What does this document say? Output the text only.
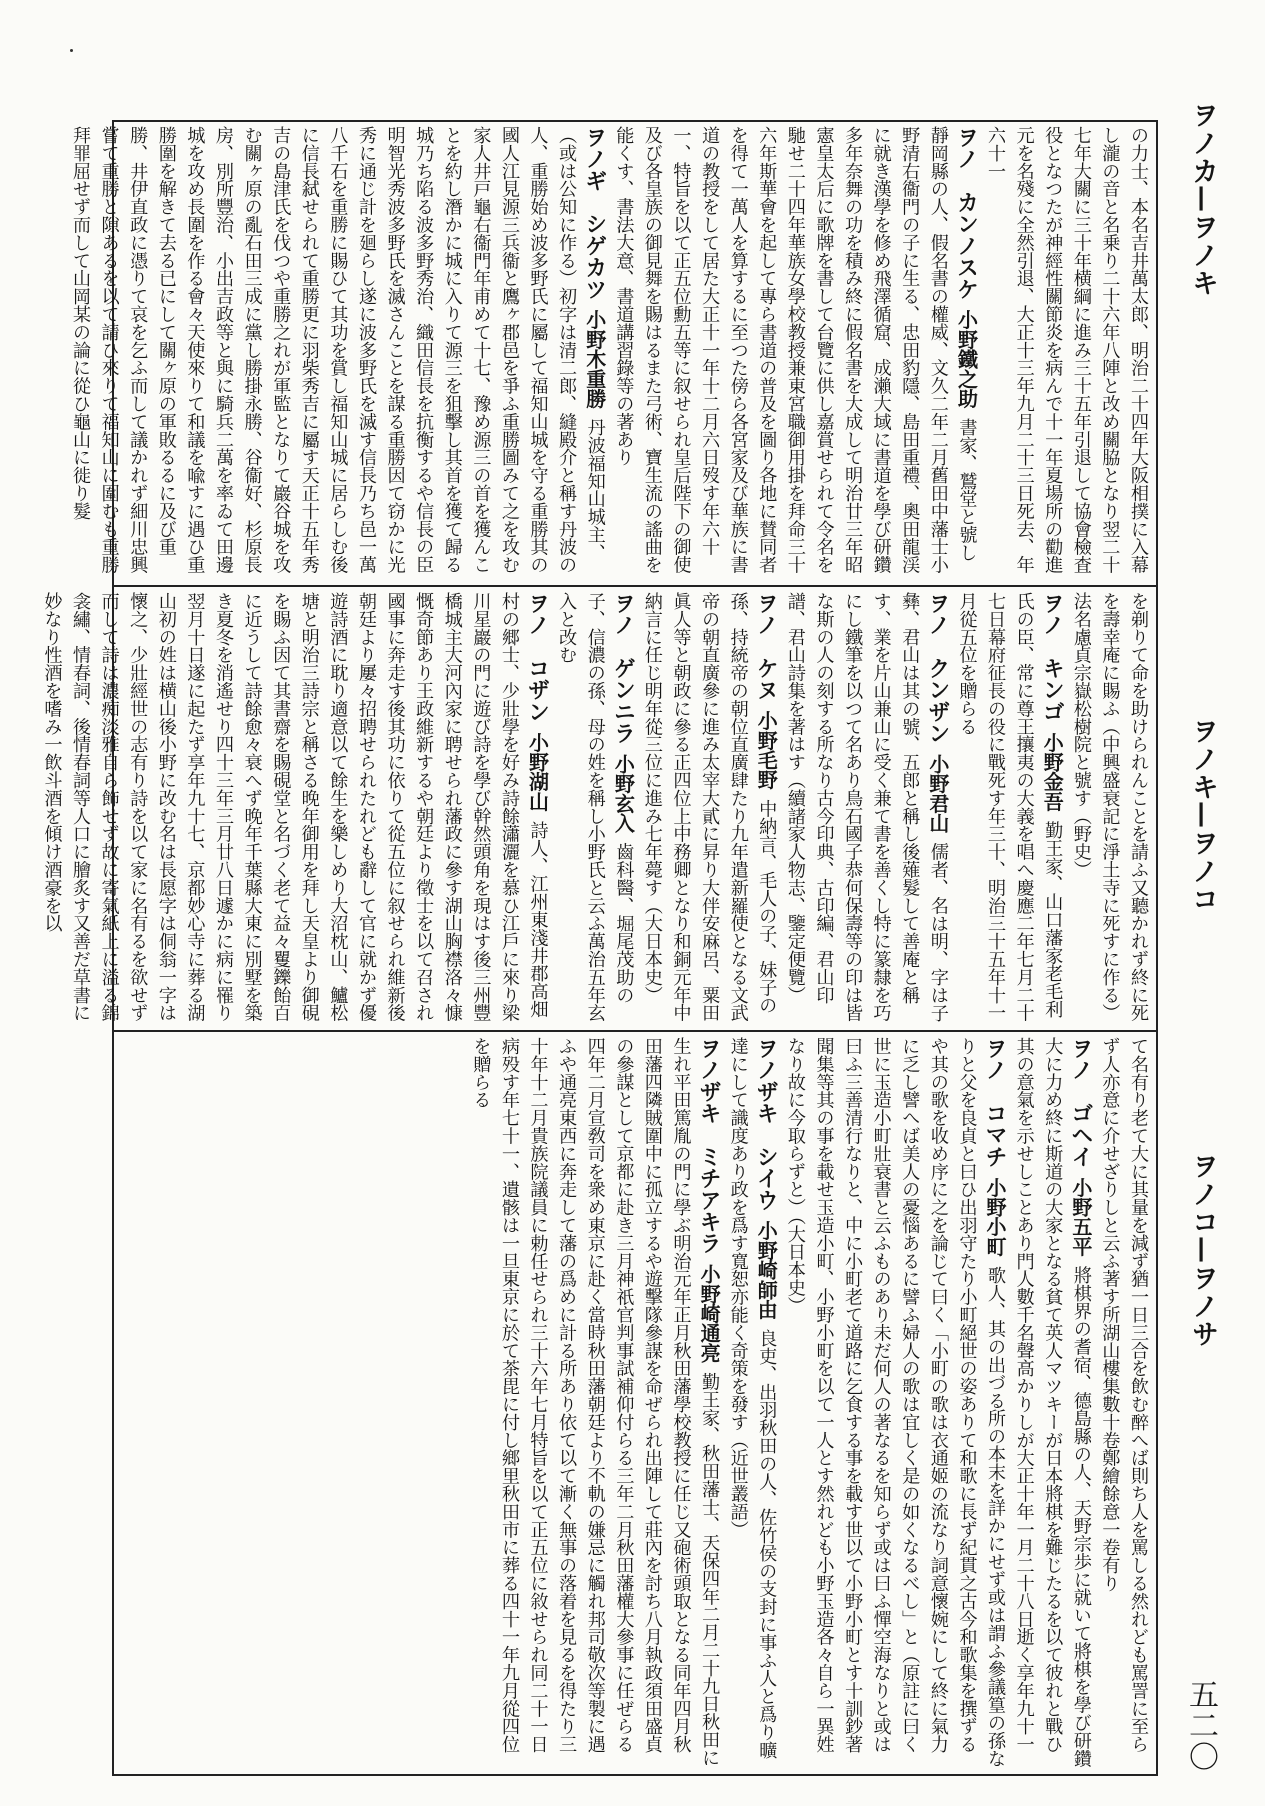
ヲノカ—ヲノキ
ヲノキ—ヲノコ
ヲノコ—ヲノサ
五二〇

の力士、本名吉井萬太郎、明治二十四年大阪相撲に入幕し瀧の音と名乗り二十六年八陣と改め關脇となり翌二十七年大關に三十年横綱に進み三十五年引退して協會檢査役となつたが神經性關節炎を病んで十一年夏場所の勸進元を名殘に全然引退、大正十三年九月二十三日死去、年六十一

ヲノ　カンノスケ小野鐵之助書家、鷲堂と號し靜岡縣の人、假名書の權威、文久二年二月舊田中藩士小野清右衞門の子に生る、忠田豹隱、島田重禮、奧田龍渓に就き漢學を修め飛澤循窟、成瀨大域に書道を學び研鑽多年奈舞の功を積み終に假名書を大成して明治廿三年昭憲皇太后に歌牌を書して台覽に供し嘉賞せられて令名を馳せ二十四年華族女學校教授兼東宮職御用掛を拜命三十六年斯華會を起して專ら書道の普及を圖り各地に賛同者を得て一萬人を算するに至つた傍ら各宮家及び華族に書道の教授をして居た大正十一年十二月六日歿す年六十一、特旨を以て正五位勳五等に叙せられ皇后陛下の御使及び各皇族の御見舞を賜はるまた弓術、寶生流の謠曲を能くす、書法大意、書道講習錄等の著あり

ヲノギ　シゲカツ小野木重勝丹波福知山城主、（或は公知に作る）初字は清二郎、縫殿介と稱す丹波の人、重勝始め波多野氏に屬して福知山城を守る重勝其の國人江見源三兵衞と鷹ヶ郡邑を爭ふ重勝圖みて之を攻む家人井戸龜右衞門年甫めて十七、豫め源三の首を獲んことを約し潛かに城に入りて源三を狙擊し其首を獲て歸る城乃ち陷る波多野秀治、織田信長を抗衡するや信長の臣明智光秀波多野氏を滅さんことを謀る重勝因て窃かに光秀に通じ計を廻らし遂に波多野氏を滅す信長乃ち邑一萬八千石を重勝に賜ひて其功を賞し福知山城に居らしむ後に信長弑せられて重勝更に羽柴秀吉に屬す天正十五年秀吉の島津氏を伐つや重勝之れが軍監となりて巖谷城を攻む關ヶ原の亂石田三成に黨し勝掛永勝、谷衞好、杉原長房、別所豐治、小出吉政等と與に騎兵二萬を率ゐて田邊城を攻め長圍を作る會々天使來りて和議を喩すに遇ひ重勝圍を解きて去る已にして關ヶ原の軍敗るるに及び重勝、井伊直政に憑りて哀を乞ふ而して議かれず細川忠興嘗て重勝と隙あるを以て請ひ來りて福知山に圍むも重勝拜罪屈せず而して山岡某の論に從ひ龜山に徙り髮

を剃りて命を助けられんことを請ふ又聽かれず終に死を壽幸庵に賜ふ（中興盛衰記に淨土寺に死すに作る）法名慮貞宗嶽松樹院と號す（野史）

ヲノ　キンゴ小野金吾勤王家、山口藩家老毛利氏の臣、常に尊王攘夷の大義を唱へ慶應二年七月二十七日幕府征長の役に戰死す年三十、明治三十五年十一月從五位を贈らる

ヲノ　クンザン小野君山儒者、名は明、字は子彝、君山は其の號、五郎と稱し後薙髮して善庵と稱す、業を片山兼山に受く兼て書を善くし特に篆隸を巧にし鐵筆を以つて名あり鳥石國子恭何保壽等の印は皆な斯の人の刻する所なり古今印典、古印編、君山印譜、君山詩集を著はす（續諸家人物志、鑒定便覽）

ヲノ　ケヌ小野毛野中納言、毛人の子、妹子の孫、持統帝の朝位直廣肆たり九年遣新羅使となる文武帝の朝直廣參に進み太宰大貳に昇り大伴安麻呂、粟田眞人等と朝政に參る正四位上中務卿となり和銅元年中納言に任じ明年從三位に進み七年薨す（大日本史）

ヲノ　ゲンニラ小野玄入齒科醫、堀尾茂助の子、信濃の孫、母の姓を稱し小野氏と云ふ萬治五年玄入と改む

ヲノ　コザン小野湖山詩人、江州東淺井郡高畑村の郷士、少壯學を好み詩餘瀟灑を慕ひ江戶に來り梁川星巖の門に遊び詩を學び幹然頭角を現はす後三州豐橋城主大河內家に聘せられ藩政に參す湖山胸襟洛々慷慨奇節あり王政維新するや朝廷より徵士を以て召され國事に奔走す後其功に依りて從五位に叙せられ維新後朝廷より屢々招聘せられたれども辭して官に就かず優遊詩酒に耽り適意以て餘生を樂しめり大沼枕山、鱸松塘と明治三詩宗と稱さる晚年御用を拜し天皇より御硯を賜ふ因て其書齋を賜硯堂と名づく老て益々矍鑠飴百に近うして詩餘愈々衰へず晚年千葉縣大東に別墅を築き夏冬を消遙せり四十三年三月廿八日遽かに病に罹り翌月十日遂に起たず享年九十七、京都妙心寺に葬る湖山初の姓は横山後小野に改む名は長愿字は侗翁一字は懷之、少壯經世の志有り詩を以て家に名有るを欲せず而して詩は濃痴淡雅自ら飾せず故に寄氣紙上に溢る錦衾繡、情春詞、後情春詞等人口に膾炙す又善だ草書に妙なり性酒を嗜み一飲斗酒を傾け酒豪を以

て名有り老て大に其量を減ず猶一日三合を飲む醉へば則ち人を罵しる然れども罵詈に至らず人亦意に介せざりしと云ふ著す所湖山樓集數十卷鄭繪餘意一卷有り

ヲノ　ゴヘイ小野五平將棋界の耆宿、德島縣の人、天野宗歩に就いて將棋を學び研鑽大に力め終に斯道の大家となる貧て英人マツキーが日本將棋を難じたるを以て彼れと戰ひ其の意氣を示せしことあり門人數千名聲高かりしが大正十年一月二十八日逝く享年九十一

ヲノ　コマチ小野小町歌人、其の出づる所の本末を詳かにせず或は謂ふ參議篁の孫なりと父を良貞と曰ひ出羽守たり小町絕世の姿ありて和歌に長ず紀貫之古今和歌集を撰ずるや其の歌を收め序に之を論じて曰く「小町の歌は衣通姬の流なり詞意懷婉にして終に氣力に乏し譬へば美人の憂惱あるに譬ふ婦人の歌は宜しく是の如くなるべし」と（原註に曰く世に玉造小町壯衰書と云ふものあり未だ何人の著なるを知らず或は曰ふ憚空海なりと或は曰ふ三善清行なりと、中に小町老て道路に乞食する事を載す世以て小野小町とす十訓鈔著聞集等其の事を載せ玉造小町、小野小町を以て一人とす然れども小野玉造各々自ら一異姓なり故に今取らずと）（大日本史）

ヲノザキ　シイウ小野崎師由良吏、出羽秋田の人、佐竹侯の支封に事ふ人と爲り曠達にして識度あり政を爲す寬恕亦能く奇策を發す（近世叢語）

ヲノザキ　ミチアキラ小野崎通亮勤王家、秋田藩士、天保四年二月二十九日秋田に生れ平田篤胤の門に學ぶ明治元年正月秋田藩學校教授に任じ又砲術頭取となる同年四月秋田藩四隣賊圍中に孤立するや遊擊隊參謀を命ぜられ出陣して莊內を討ち八月執政須田盛貞の參謀として京都に赴き三月神祇官判事試補仰付らる三年二月秋田藩權大參事に任ぜらる四年二月宣敎司を衆め東京に赴く當時秋田藩朝廷より不軌の嫌忌に觸れ邦司敬次等製に遇ふや通亮東西に奔走して藩の爲めに計る所あり依て以て漸く無事の落着を見るを得たり三十年十二月貴族院議員に勅任せられ三十六年七月特旨を以て正五位に敘せられ同二十一日病殁す年七十一、遺骸は一旦東京に於て茶毘に付し鄉里秋田市に葬る四十一年九月從四位を贈らる
